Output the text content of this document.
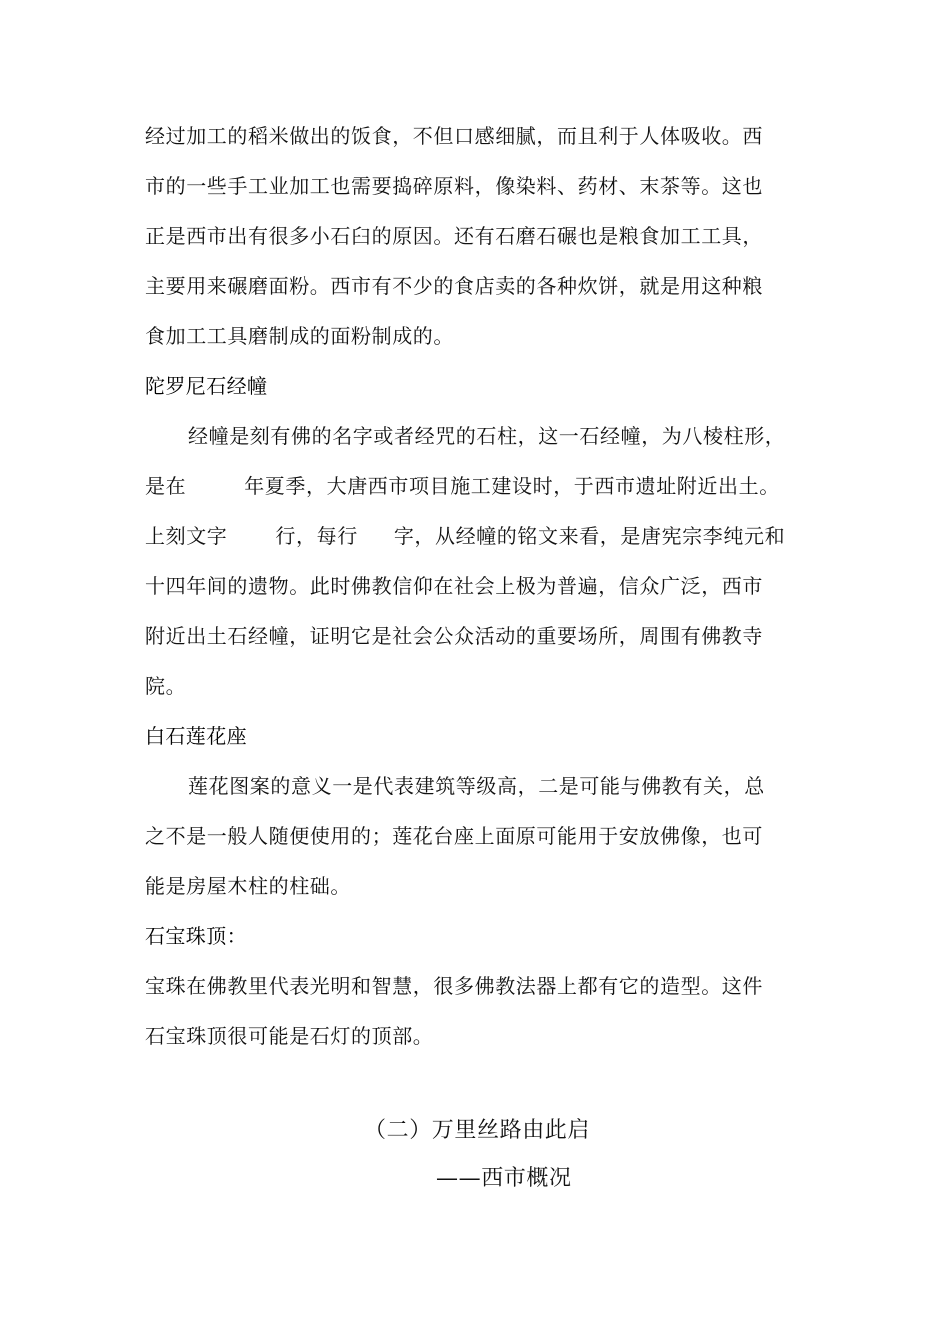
经过加工的稻米做出的饭食，不但口感细腻，而且利于人体吸收。西
市的一些手工业加工也需要捣碎原料，像染料、药材、末茶等。这也
正是西市出有很多小石臼的原因。还有石磨石碾也是粮食加工工具，
主要用来碾磨面粉。西市有不少的食店卖的各种炊饼，就是用这种粮
食加工工具磨制成的面粉制成的。
陀罗尼石经幢
经幢是刻有佛的名字或者经咒的石柱，这一石经幢，为八棱柱形，
是在	年夏季，大唐西市项目施工建设时，于西市遗址附近出土。
上刻文字 行，每行 字，从经幢的铭文来看，是唐宪宗李纯元和
十四年间的遗物。此时佛教信仰在社会上极为普遍，信众广泛，西市
附近出土石经幢，证明它是社会公众活动的重要场所，周围有佛教寺
院。
白石莲花座
莲花图案的意义一是代表建筑等级高，二是可能与佛教有关，总
之不是一般人随便使用的；莲花台座上面原可能用于安放佛像，也可
能是房屋木柱的柱础。
石宝珠顶：
宝珠在佛教里代表光明和智慧，很多佛教法器上都有它的造型。这件
石宝珠顶很可能是石灯的顶部。
（二）万里丝路由此启
——西市概况
